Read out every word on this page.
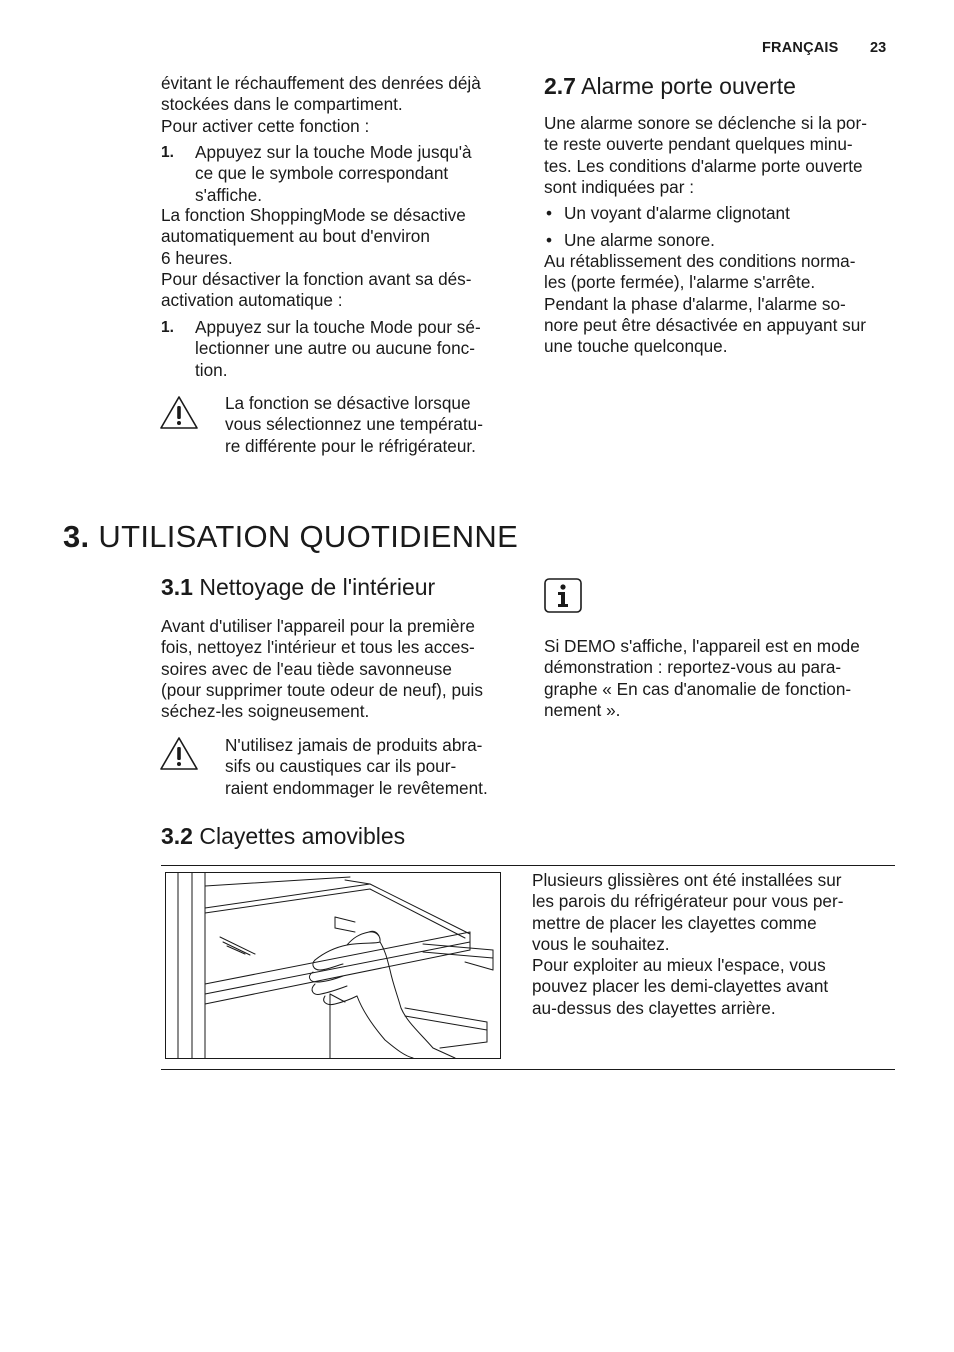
FRANÇAIS 23
évitant le réchauffement des denrées déjà
stockées dans le compartiment.
Pour activer cette fonction :
1. Appuyez sur la touche Mode jusqu'à
ce que le symbole correspondant
s'affiche.
La fonction ShoppingMode se désactive
automatiquement au bout d'environ
6 heures.
Pour désactiver la fonction avant sa dés-
activation automatique :
1. Appuyez sur la touche Mode pour sé-
lectionner une autre ou aucune fonc-
tion.
La fonction se désactive lorsque
vous sélectionnez une températu-
re différente pour le réfrigérateur.
2.7 Alarme porte ouverte
Une alarme sonore se déclenche si la por-
te reste ouverte pendant quelques minu-
tes. Les conditions d'alarme porte ouverte
sont indiquées par :
• Un voyant d'alarme clignotant
• Une alarme sonore.
Au rétablissement des conditions norma-
les (porte fermée), l'alarme s'arrête.
Pendant la phase d'alarme, l'alarme so-
nore peut être désactivée en appuyant sur
une touche quelconque.
3. UTILISATION QUOTIDIENNE
3.1 Nettoyage de l'intérieur
Avant d'utiliser l'appareil pour la première
fois, nettoyez l'intérieur et tous les acces-
soires avec de l'eau tiède savonneuse
(pour supprimer toute odeur de neuf), puis
séchez-les soigneusement.
N'utilisez jamais de produits abra-
sifs ou caustiques car ils pour-
raient endommager le revêtement.
Si DEMO s'affiche, l'appareil est en mode
démonstration : reportez-vous au para-
graphe « En cas d'anomalie de fonction-
nement ».
3.2 Clayettes amovibles
Plusieurs glissières ont été installées sur
les parois du réfrigérateur pour vous per-
mettre de placer les clayettes comme
vous le souhaitez.
Pour exploiter au mieux l'espace, vous
pouvez placer les demi-clayettes avant
au-dessus des clayettes arrière.
